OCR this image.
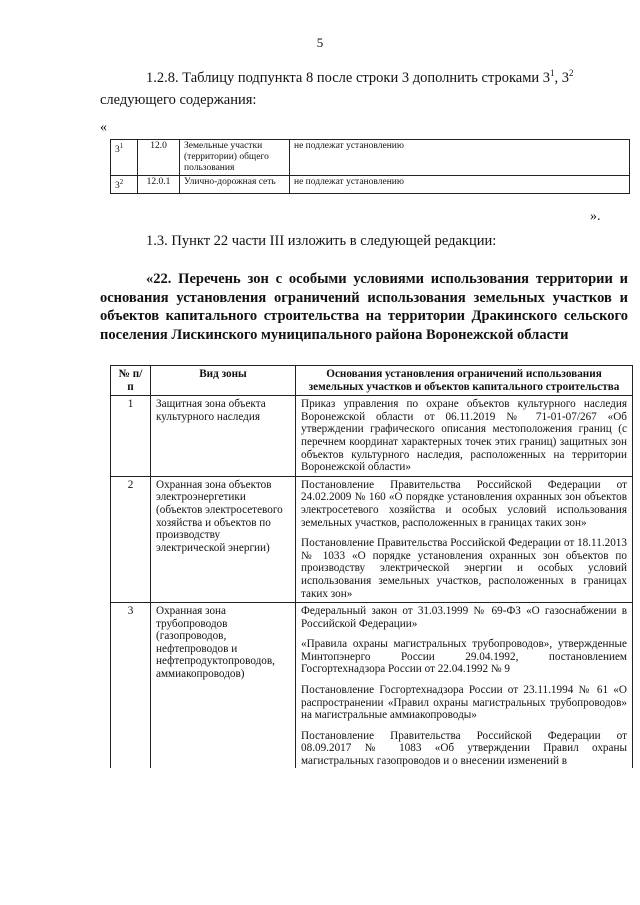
5
1.2.8. Таблицу подпункта 8 после строки 3 дополнить строками $3^1$, $3^2$
следующего содержания:
«
$3^1$	12.0	Земельные участки (территории) общего пользования	не подлежат установлению
$3^2$	12.0.1	Улично-дорожная сеть	не подлежат установлению
».
1.3. Пункт 22 части III изложить в следующей редакции:
«22. Перечень зон с особыми условиями использования территории и основания установления ограничений использования земельных участков и объектов капитального строительства на территории Дракинского сельского поселения Лискинского муниципального района Воронежской области
№ п/п	Вид зоны	Основания установления ограничений использования земельных участков и объектов капитального строительства
1	Защитная зона объекта культурного наследия	Приказ управления по охране объектов культурного наследия Воронежской области от 06.11.2019 № 71-01-07/267 «Об утверждении графического описания местоположения границ (с перечнем координат характерных точек этих границ) защитных зон объектов культурного наследия, расположенных на территории Воронежской области»

2	Охранная зона объектов электроэнергетики (объектов электросетевого хозяйства и объектов по производству электрической энергии)	Постановление Правительства Российской Федерации от 24.02.2009 № 160 «О порядке установления охранных зон объектов электросетевого хозяйства и особых условий использования земельных участков, расположенных в границах таких зон»

Постановление Правительства Российской Федерации от 18.11.2013 № 1033 «О порядке установления охранных зон объектов по производству электрической энергии и особых условий использования земельных участков, расположенных в границах таких зон»

3	Охранная зона трубопроводов (газопроводов, нефтепроводов и нефтепродуктопроводов, аммиакопроводов)	Федеральный закон от 31.03.1999 № 69-ФЗ «О газоснабжении в Российской Федерации»

«Правила охраны магистральных трубопроводов», утвержденные Минтопэнерго России 29.04.1992, постановлением Госгортехнадзора России от 22.04.1992 № 9

Постановление Госгортехнадзора России от 23.11.1994 № 61 «О распространении «Правил охраны магистральных трубопроводов» на магистральные аммиакопроводы»

Постановление Правительства Российской Федерации от 08.09.2017 № 1083 «Об утверждении Правил охраны магистральных газопроводов и о внесении изменений в
